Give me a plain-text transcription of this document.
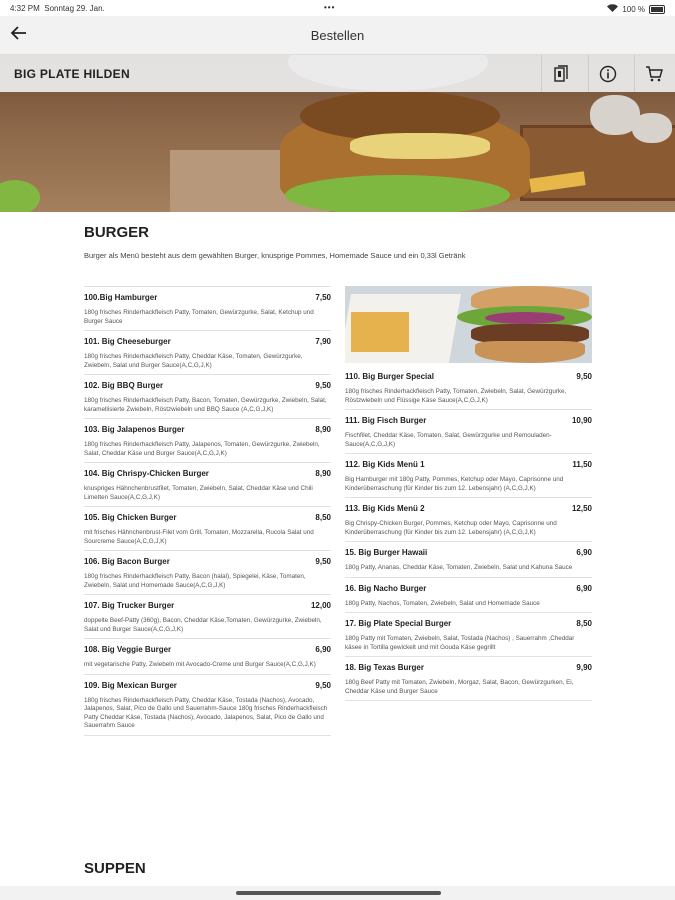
4:32 PM Sonntag 29. Jan.	•••	100 %
Bestellen
BIG PLATE HILDEN
BURGER
Burger als Menü besteht aus dem gewählten Burger, knusprige Pommes, Homemade Sauce und ein 0,33l Getränk
100.Big Hamburger	7,50
180g frisches Rinderhackfleisch Patty, Tomaten, Gewürzgurke, Salat, Ketchup und Burger Sauce
101. Big Cheeseburger	7,90
180g frisches Rinderhackfleisch Patty, Cheddar Käse, Tomaten, Gewürzgurke, Zwiebeln, Salat und Burger Sauce(A,C,G,J,K)
102. Big BBQ Burger	9,50
180g frisches Rinderhackfleisch Patty, Bacon, Tomaten, Gewürzgurke, Zwiebeln, Salat, karamellisierte Zwiebeln, Röstzwiebeln und BBQ Sauce (A,C,G,J,K)
103. Big Jalapenos Burger	8,90
180g frisches Rinderhackfleisch Patty, Jalapenos, Tomaten, Gewürzgurke, Zwiebeln, Salat, Cheddar Käse und Burger Sauce(A,C,G,J,K)
104. Big Chrispy-Chicken Burger	8,90
knuspriges Hähnchenbrustfilet, Tomaten, Zwiebeln, Salat, Cheddar Käse und Chili Limetten Sauce(A,C,G,J,K)
105. Big Chicken Burger	8,50
mit frisches Hähnchenbrust-Filet vom Grill, Tomaten, Mozzarella, Rucola Salat und Sourcreme Sauce(A,C,G,J,K)
106. Big Bacon Burger	9,50
180g frisches Rinderhackfleisch Patty, Bacon (halal), Spiegelei, Käse, Tomaten, Zwiebeln, Salat und Homemade Sauce(A,C,G,J,K)
107. Big Trucker Burger	12,00
doppelte Beef-Patty (360g), Bacon, Cheddar Käse,Tomaten, Gewürzgurke, Zwiebeln, Salat und Burger Sauce(A,C,G,J,K)
108. Big Veggie Burger	6,90
mit vegetarische Patty, Zwiebeln mit Avocado-Creme und Burger Sauce(A,C,G,J,K)
109. Big Mexican Burger	9,50
180g frisches Rinderhackfleisch Patty, Cheddar Käse, Tostada (Nachos), Avocado, Jalapenos, Salat, Pico de Gallo und Sauerrahm-Sauce 180g frisches Rinderhackfleisch Patty Cheddar Käse, Tostada (Nachos), Avocado, Jalapenos, Salat, Pico de Gallo und Sauerrahm Sauce
110. Big Burger Special	9,50
180g frisches Rinderhackfleisch Patty, Tomaten, Zwiebeln, Salat, Gewürzgurke, Röstzwiebeln und Flüssige Käse Sauce(A,C,G,J,K)
111. Big Fisch Burger	10,90
Fischfilet, Cheddar Käse, Tomaten, Salat, Gewürzgurke und Remouladen-Sauce(A,C,G,J,K)
112. Big Kids Menü 1	11,50
Big Hamburger mit 180g Patty, Pommes, Ketchup oder Mayo, Caprisonne und Kinderüberraschung (für Kinder bis zum 12. Lebensjahr) (A,C,G,J,K)
113. Big Kids Menü 2	12,50
Big Chrispy-Chicken Burger, Pommes, Ketchup oder Mayo, Caprisonne und Kinderüberraschung (für Kinder bis zum 12. Lebensjahr) (A,C,G,J,K)
15. Big Burger Hawaii	6,90
180g Patty, Ananas, Cheddar Käse, Tomaten, Zwiebeln, Salat und Kahuna Sauce
16. Big Nacho Burger	6,90
180g Patty, Nachos, Tomaten, Zwiebeln, Salat und Homemade Sauce
17. Big Plate Special Burger	8,50
180g Patty mit Tomaten, Zwiebeln, Salat, Tostada (Nachos) , Sauerrahm ,Cheddar käsee in Tortilla gewickelt und mit Gouda Käse gegrillt
18. Big Texas Burger	9,90
180g Beef Patty mit Tomaten, Zwiebeln, Morgaz, Salat, Bacon, Gewürzgurken, Ei, Cheddar Käse und Burger Sauce
SUPPEN
